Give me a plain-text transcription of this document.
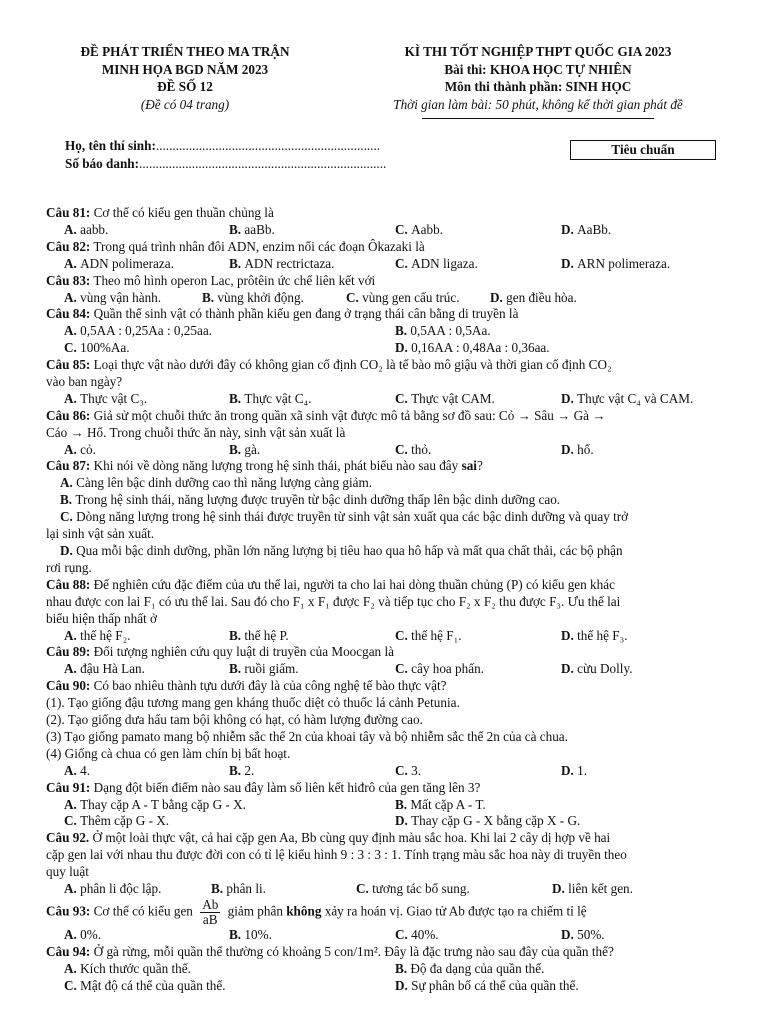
ĐỀ PHÁT TRIỂN THEO MA TRẬN
MINH HỌA BGD NĂM 2023
ĐỀ SỐ 12
(Đề có 04 trang)
KÌ THI TỐT NGHIỆP THPT QUỐC GIA 2023
Bài thi: KHOA HỌC TỰ NHIÊN
Môn thi thành phần: SINH HỌC
Thời gian làm bài: 50 phút, không kể thời gian phát đề
Họ, tên thí sinh:....................................................................
Số báo danh:...........................................................................
Tiêu chuẩn
Câu 81: Cơ thể có kiểu gen thuần chủng là
A. aabb.	B. aaBb.	C. Aabb.	D. AaBb.
Câu 82: Trong quá trình nhân đôi ADN, enzim nối các đoạn Ôkazaki là
A. ADN polimeraza.	B. ADN rectrictaza.	C. ADN ligaza.	D. ARN polimeraza.
Câu 83: Theo mô hình operon Lac, prôtêin ức chế liên kết với
A. vùng vận hành.	B. vùng khởi động.	C. vùng gen cấu trúc. D. gen điều hòa.
Câu 84: Quần thể sinh vật có thành phần kiểu gen đang ở trạng thái cân bằng di truyền là
A. 0,5AA : 0,25Aa : 0,25aa.	B. 0,5AA : 0,5Aa.
C. 100%Aa.	D. 0,16AA : 0,48Aa : 0,36aa.
Câu 85: Loại thực vật nào dưới đây có không gian cố định CO₂ là tế bào mô giậu và thời gian cố định CO₂
vào ban ngày?
A. Thực vật C₃.	B. Thực vật C₄.	C. Thực vật CAM.	D. Thực vật C₄ và CAM.
Câu 86: Giả sử một chuỗi thức ăn trong quần xã sinh vật được mô tả bằng sơ đồ sau: Cỏ → Sâu → Gà →
Cáo → Hổ. Trong chuỗi thức ăn này, sinh vật sản xuất là
A. cỏ.	B. gà.	C. thỏ.	D. hổ.
Câu 87: Khi nói về dòng năng lượng trong hệ sinh thái, phát biểu nào sau đây sai?
A. Càng lên bậc dinh dưỡng cao thì năng lượng càng giảm.
B. Trong hệ sinh thái, năng lượng được truyền từ bậc dinh dưỡng thấp lên bậc dinh dưỡng cao.
C. Dòng năng lượng trong hệ sinh thái được truyền từ sinh vật sản xuất qua các bậc dinh dưỡng và quay trở
lại sinh vật sản xuất.
D. Qua mỗi bậc dinh dưỡng, phần lớn năng lượng bị tiêu hao qua hô hấp và mất qua chất thải, các bộ phận
rơi rụng.
Câu 88: Để nghiên cứu đặc điểm của ưu thế lai, người ta cho lai hai dòng thuần chủng (P) có kiểu gen khác
nhau được con lai F₁ có ưu thế lai. Sau đó cho F₁ x F₁ được F₂ và tiếp tục cho F₂ x F₂ thu được F₃. Ưu thế lai
biểu hiện thấp nhất ở
A. thế hệ F₂.	B. thế hệ P.	C. thế hệ F₁.	D. thế hệ F₃.
Câu 89: Đối tượng nghiên cứu quy luật di truyền của Moocgan là
A. đậu Hà Lan.	B. ruồi giấm.	C. cây hoa phấn.	D. cừu Dolly.
Câu 90: Có bao nhiêu thành tựu dưới đây là của công nghệ tế bào thực vật?
(1). Tạo giống đậu tương mang gen kháng thuốc diệt cỏ thuốc lá cảnh Petunia.
(2). Tạo giống dưa hấu tam bội không có hạt, có hàm lượng đường cao.
(3) Tạo giống pamato mang bộ nhiễm sắc thể 2n của khoai tây và bộ nhiễm sắc thể 2n của cà chua.
(4) Giống cà chua có gen làm chín bị bất hoạt.
A. 4.	B. 2.	C. 3.	D. 1.
Câu 91: Dạng đột biến điểm nào sau đây làm số liên kết hiđrô của gen tăng lên 3?
A. Thay cặp A - T bằng cặp G - X.	B. Mất cặp A - T.
C. Thêm cặp G - X.	D. Thay cặp G - X bằng cặp X - G.
Câu 92. Ở một loài thực vật, cả hai cặp gen Aa, Bb cùng quy định màu sắc hoa. Khi lai 2 cây dị hợp về hai
cặp gen lai với nhau thu được đời con có tỉ lệ kiểu hình 9 : 3 : 3 : 1. Tính trạng màu sắc hoa này di truyền theo
quy luật
A. phân li độc lập.	B. phân li.	C. tương tác bổ sung.	D. liên kết gen.
Câu 93: Cơ thể có kiểu gen $\frac{Ab}{aB}$ giảm phân không xảy ra hoán vị. Giao tử Ab được tạo ra chiếm tỉ lệ
A. 0%.	B. 10%.	C. 40%.	D. 50%.
Câu 94: Ở gà rừng, mỗi quần thể thường có khoảng 5 con/1m². Đây là đặc trưng nào sau đây của quần thể?
A. Kích thước quần thể.	B. Độ đa dạng của quần thể.
C. Mật độ cá thể của quần thể.	D. Sự phân bố cá thể của quần thể.
